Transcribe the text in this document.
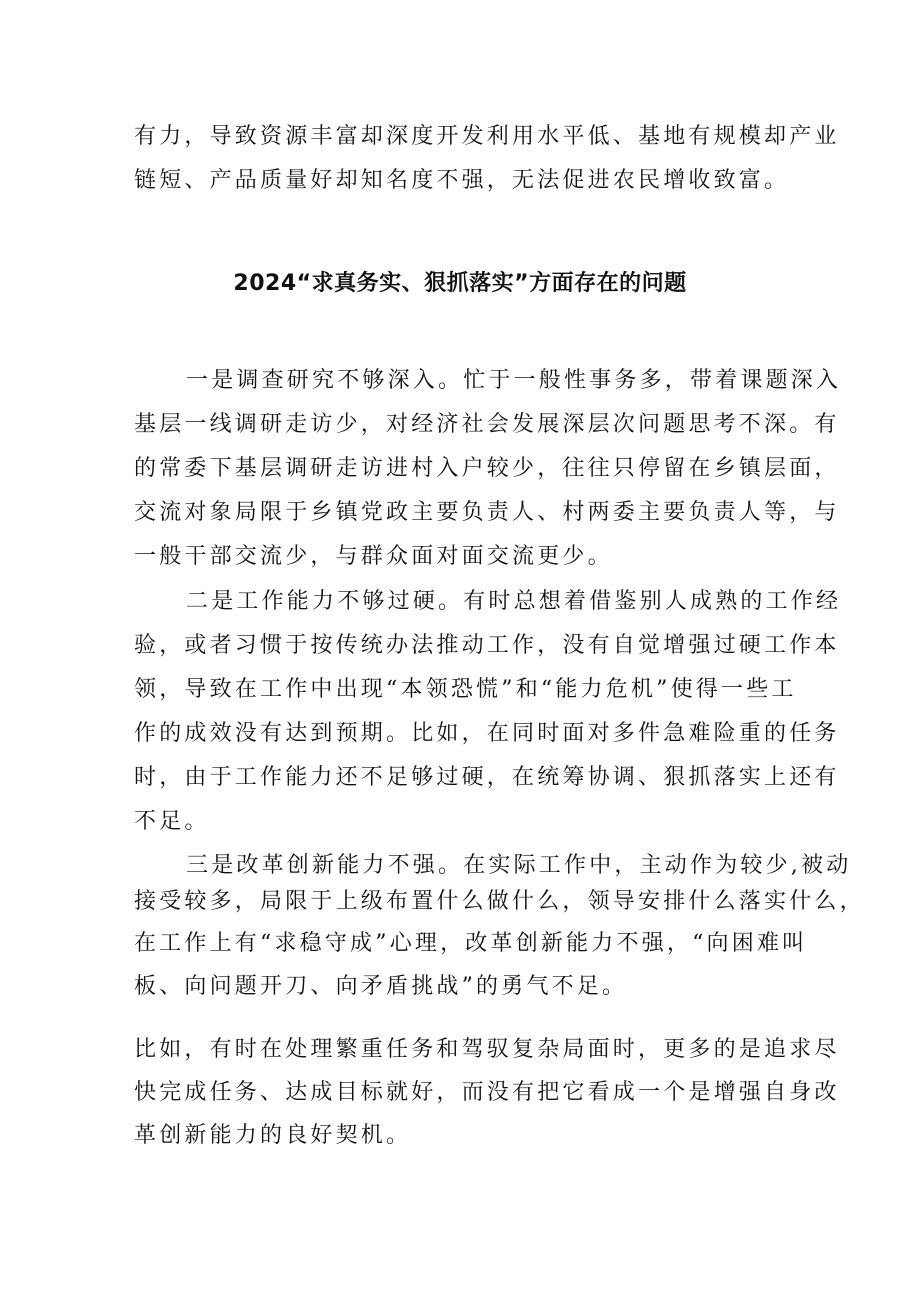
有力，导致资源丰富却深度开发利用水平低、基地有规模却产业
链短、产品质量好却知名度不强，无法促进农民增收致富。
2024“求真务实、狠抓落实”方面存在的问题
一是调查研究不够深入。忙于一般性事务多，带着课题深入
基层一线调研走访少，对经济社会发展深层次问题思考不深。有
的常委下基层调研走访进村入户较少，往往只停留在乡镇层面，
交流对象局限于乡镇党政主要负责人、村两委主要负责人等，与
一般干部交流少，与群众面对面交流更少。
二是工作能力不够过硬。有时总想着借鉴别人成熟的工作经
验，或者习惯于按传统办法推动工作，没有自觉增强过硬工作本
领，导致在工作中出现“本领恐慌”和“能力危机”使得一些工
作的成效没有达到预期。比如，在同时面对多件急难险重的任务
时，由于工作能力还不足够过硬，在统筹协调、狠抓落实上还有
不足。
三是改革创新能力不强。在实际工作中，主动作为较少,被动
接受较多，局限于上级布置什么做什么，领导安排什么落实什么，
在工作上有“求稳守成”心理，改革创新能力不强，“向困难叫
板、向问题开刀、向矛盾挑战”的勇气不足。
比如，有时在处理繁重任务和驾驭复杂局面时，更多的是追求尽
快完成任务、达成目标就好，而没有把它看成一个是增强自身改
革创新能力的良好契机。
